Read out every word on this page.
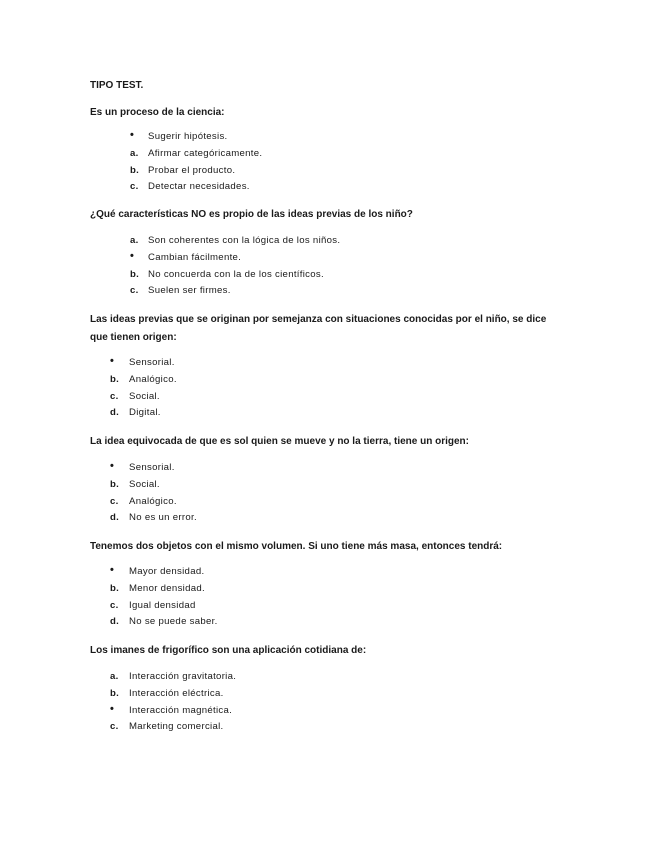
TIPO TEST.
Es un proceso de la ciencia:
• Sugerir hipótesis.
a. Afirmar categóricamente.
b. Probar el producto.
c. Detectar necesidades.
¿Qué características NO es propio de las ideas previas de los niño?
a. Son coherentes con la lógica de los niños.
• Cambian fácilmente.
b. No concuerda con la de los científicos.
c. Suelen ser firmes.
Las ideas previas que se originan por semejanza con situaciones conocidas por el niño, se dice que tienen origen:
• Sensorial.
b. Analógico.
c. Social.
d. Digital.
La idea equivocada de que es sol quien se mueve y no la tierra, tiene un origen:
• Sensorial.
b. Social.
c. Analógico.
d. No es un error.
Tenemos dos objetos con el mismo volumen. Si uno tiene más masa, entonces tendrá:
• Mayor densidad.
b. Menor densidad.
c. Igual densidad
d. No se puede saber.
Los imanes de frigorífico son una aplicación cotidiana de:
a. Interacción gravitatoria.
b. Interacción eléctrica.
• Interacción magnética.
c. Marketing comercial.
